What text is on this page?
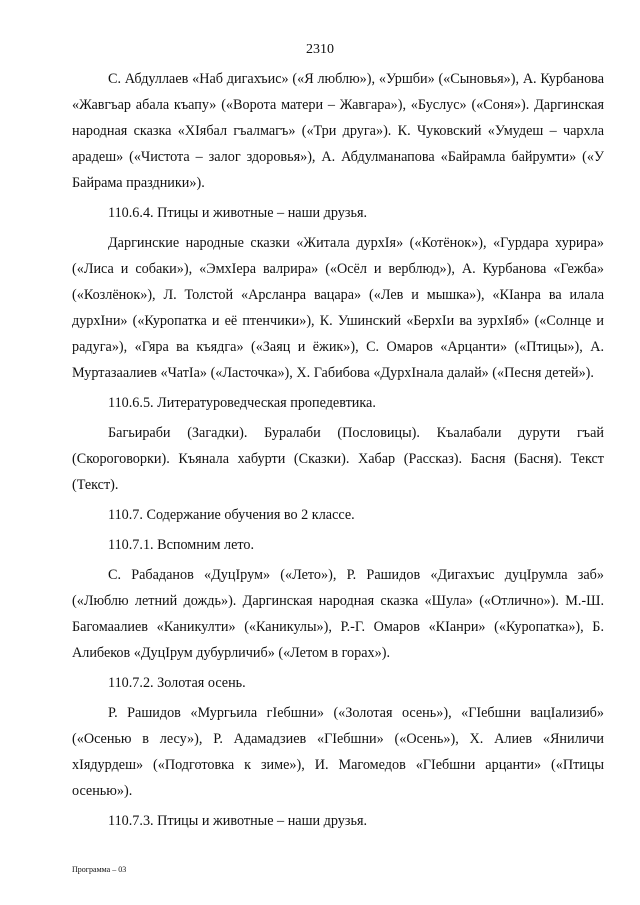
2310

С. Абдуллаев «Наб дигахъис» («Я люблю»), «Уршби» («Сыновья»), А. Курбанова «Жавгъар абала къапу» («Ворота матери – Жавгара»), «Буслус» («Соня»). Даргинская народная сказка «ХIябал гъалмагъ» («Три друга»). К. Чуковский «Умудеш – чархла арадеш» («Чистота – залог здоровья»), А. Абдулманапова «Байрамла байрумти» («У Байрама праздники»).

110.6.4. Птицы и животные – наши друзья.

Даргинские народные сказки «Житала дурхIя» («Котёнок»), «Гурдара хурира» («Лиса и собаки»), «ЭмхIера валрира» («Осёл и верблюд»), А. Курбанова «Гежба» («Козлёнок»), Л. Толстой «Арсланра вацара» («Лев и мышка»), «КIанра ва илала дурхIни» («Куропатка и её птенчики»), К. Ушинский «БерхIи ва зурхIяб» («Солнце и радуга»), «Гяра ва къядга» («Заяц и ёжик»), С. Омаров «Арцанти» («Птицы»), А. Муртазаалиев «ЧатIа» («Ласточка»), Х. Габибова «ДурхIнала далай» («Песня детей»).

110.6.5. Литературоведческая пропедевтика.

Багьираби (Загадки). Буралаби (Пословицы). Къалабали дурути гъай (Скороговорки). Къянала хабурти (Сказки). Хабар (Рассказ). Басня (Басня). Текст (Текст).

110.7. Содержание обучения во 2 классе.

110.7.1. Вспомним лето.

С. Рабаданов «ДуцIрум» («Лето»), Р. Рашидов «Дигахъис дуцIрумла заб» («Люблю летний дождь»). Даргинская народная сказка «Шула» («Отлично»). М.-Ш. Багомаалиев «Каникулти» («Каникулы»), Р.-Г. Омаров «КIанри» («Куропатка»), Б. Алибеков «ДуцIрум дубурличиб» («Летом в горах»).

110.7.2. Золотая осень.

Р. Рашидов «Мургьила гIебшни» («Золотая осень»), «ГIебшни вацIализиб» («Осенью в лесу»), Р. Адамадзиев «ГIебшни» («Осень»), Х. Алиев «Яниличи хIядурдеш» («Подготовка к зиме»), И. Магомедов «ГIебшни арцанти» («Птицы осенью»).

110.7.3. Птицы и животные – наши друзья.

Программа – 03
